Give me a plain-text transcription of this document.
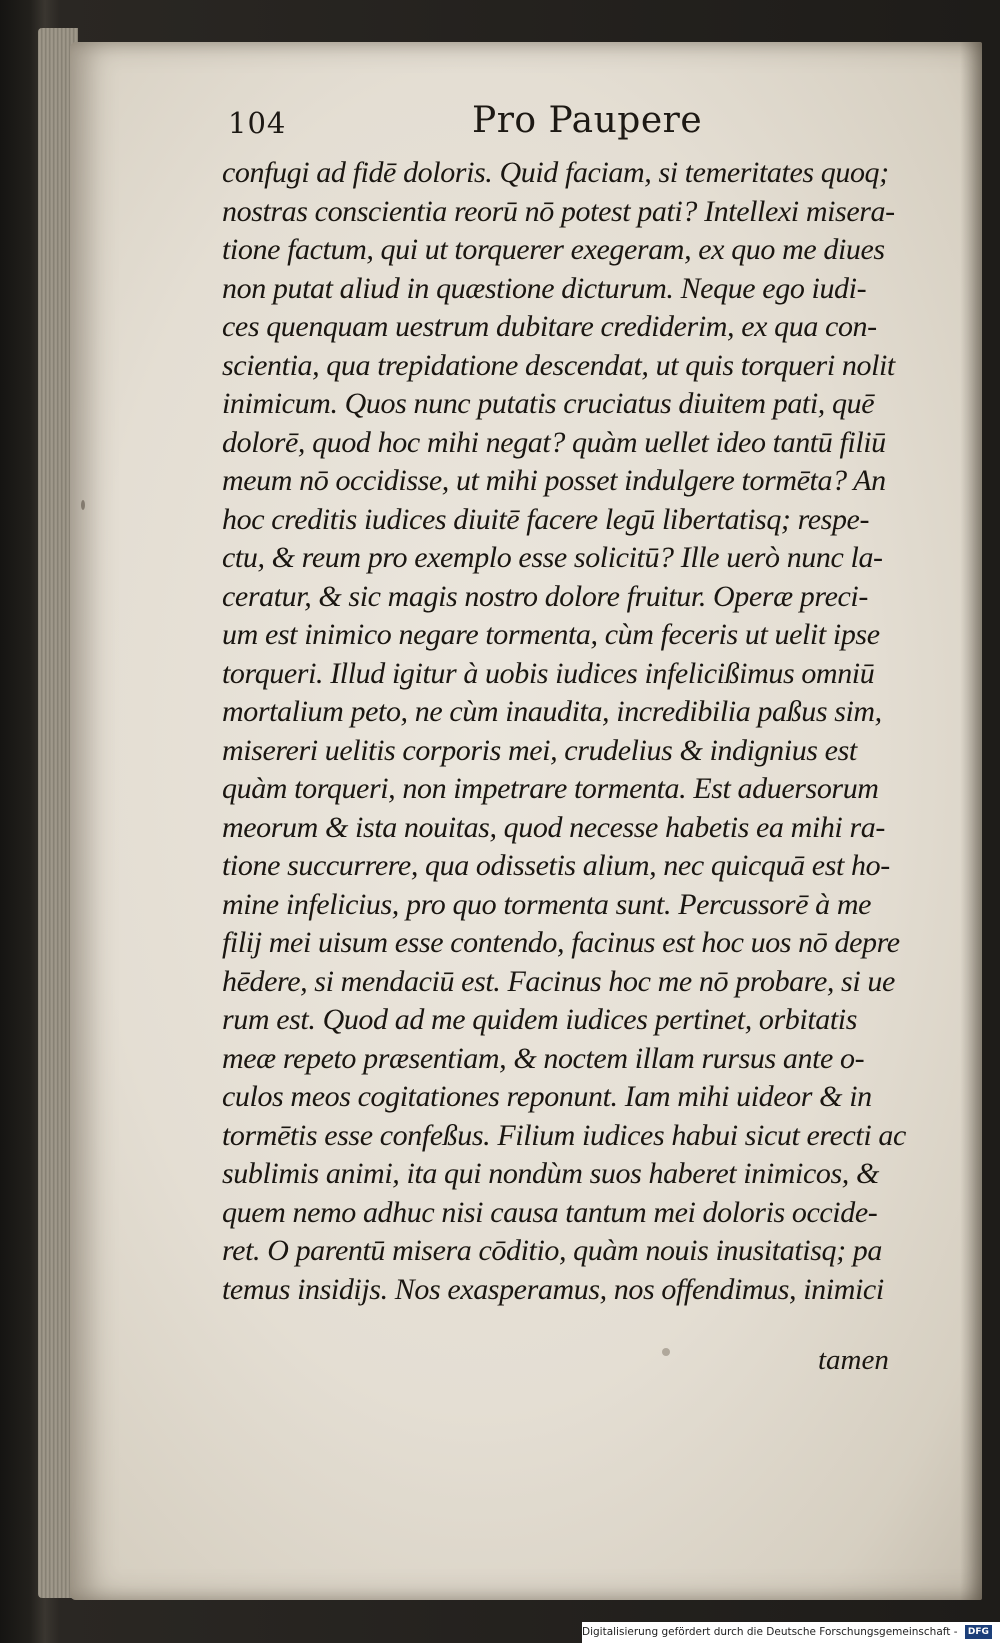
104	Pro Paupere
confugi ad fidē doloris. Quid faciam, si temeritates quoq;
nostras conscientia reorū nō potest pati? Intellexi misera-
tione factum, qui ut torquerer exegeram, ex quo me diues
non putat aliud in quæstione dicturum. Neque ego iudi-
ces quenquam uestrum dubitare crediderim, ex qua con-
scientia, qua trepidatione descendat, ut quis torqueri nolit
inimicum. Quos nunc putatis cruciatus diuitem pati, quē
dolorē, quod hoc mihi negat? quàm uellet ideo tantū filiū
meum nō occidisse, ut mihi posset indulgere tormēta? An
hoc creditis iudices diuitē facere legū libertatisq; respe-
ctu, & reum pro exemplo esse solicitū? Ille uerò nunc la-
ceratur, & sic magis nostro dolore fruitur. Operæ preci-
um est inimico negare tormenta, cùm feceris ut uelit ipse
torqueri. Illud igitur à uobis iudices infelicißimus omniū
mortalium peto, ne cùm inaudita, incredibilia paßus sim,
misereri uelitis corporis mei, crudelius & indignius est
quàm torqueri, non impetrare tormenta. Est aduersorum
meorum & ista nouitas, quod necesse habetis ea mihi ra-
tione succurrere, qua odissetis alium, nec quicquā est ho-
mine infelicius, pro quo tormenta sunt. Percussorē à me
filij mei uisum esse contendo, facinus est hoc uos nō depre
hēdere, si mendaciū est. Facinus hoc me nō probare, si ue
rum est. Quod ad me quidem iudices pertinet, orbitatis
meæ repeto præsentiam, & noctem illam rursus ante o-
culos meos cogitationes reponunt. Iam mihi uideor & in
tormētis esse confeßus. Filium iudices habui sicut erecti ac
sublimis animi, ita qui nondùm suos haberet inimicos, &
quem nemo adhuc nisi causa tantum mei doloris occide-
ret. O parentū misera cōditio, quàm nouis inusitatisq; pa
temus insidijs. Nos exasperamus, nos offendimus, inimici
tamen
Digitalisierung gefördert durch die Deutsche Forschungsgemeinschaft - DFG
